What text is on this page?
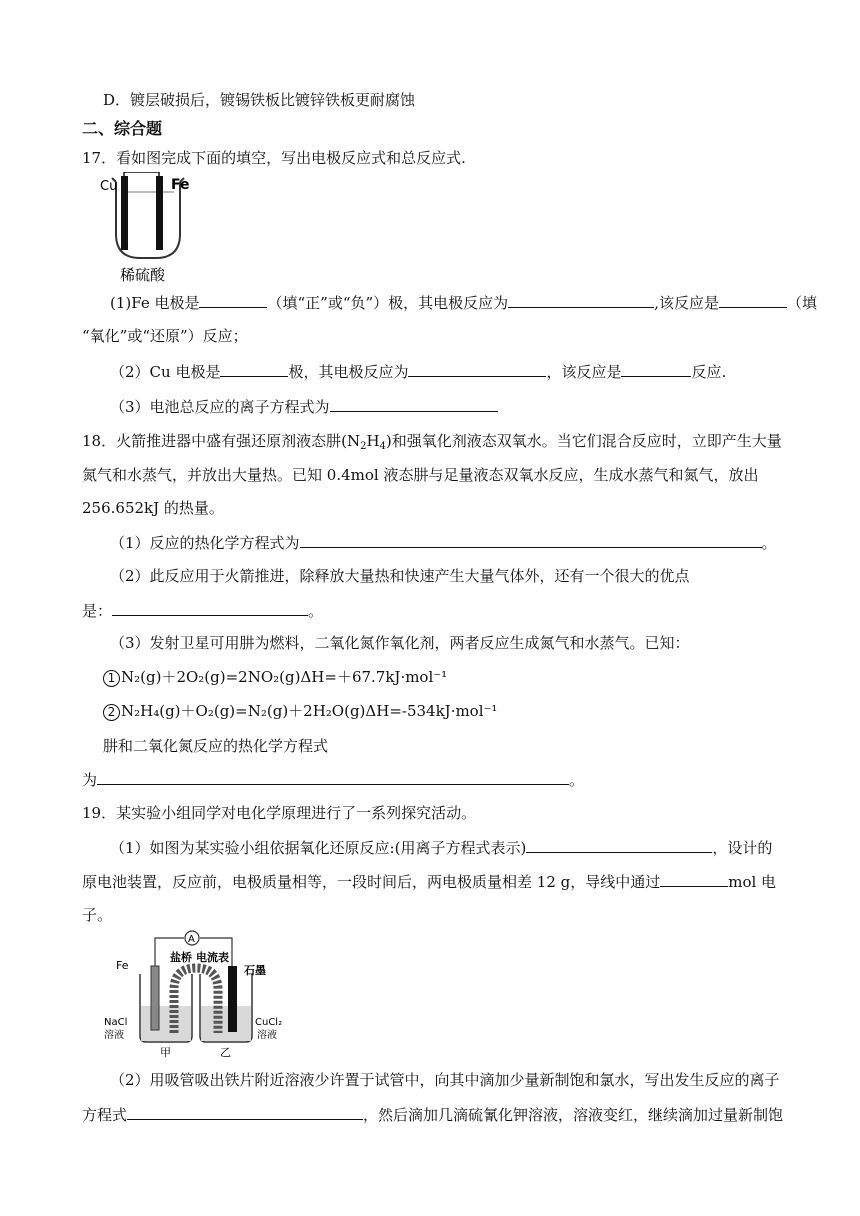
D．镀层破损后，镀锡铁板比镀锌铁板更耐腐蚀
二、综合题
17．看如图完成下面的填空，写出电极反应式和总反应式.
Cu	Fe
稀硫酸
(1)Fe 电极是	（填“正”或“负”）极，其电极反应为	,该反应是	（填
“氧化”或“还原”）反应；
（2）Cu 电极是	极，其电极反应为	，该反应是	反应.
（3）电池总反应的离子方程式为
18．火箭推进器中盛有强还原剂液态肼$(N_2H_4)$和强氧化剂液态双氧水。当它们混合反应时，立即产生大量
氮气和水蒸气，并放出大量热。已知 0.4mol 液态肼与足量液态双氧水反应，生成水蒸气和氮气，放出
256.652kJ 的热量。
（1）反应的热化学方程式为	。
（2）此反应用于火箭推进，除释放大量热和快速产生大量气体外，还有一个很大的优点
是：	。
（3）发射卫星可用肼为燃料，二氧化氮作氧化剂，两者反应生成氮气和水蒸气。已知：
1 N₂(g)＋2O₂(g)=2NO₂(g)ΔH=＋67.7kJ·mol⁻¹
2 N₂H₄(g)＋O₂(g)=N₂(g)＋2H₂O(g)ΔH=-534kJ·mol⁻¹
肼和二氧化氮反应的热化学方程式
为	。
19．某实验小组同学对电化学原理进行了一系列探究活动。
（1）如图为某实验小组依据氧化还原反应:(用离子方程式表示)	，设计的
原电池装置，反应前，电极质量相等，一段时间后，两电极质量相差 12 g，导线中通过	mol 电
子。
A
盐桥 电流表
Fe	石墨
NaCl
溶液
CuCl₂
溶液
甲	乙
（2）用吸管吸出铁片附近溶液少许置于试管中，向其中滴加少量新制饱和氯水，写出发生反应的离子
方程式	，然后滴加几滴硫氰化钾溶液，溶液变红，继续滴加过量新制饱
